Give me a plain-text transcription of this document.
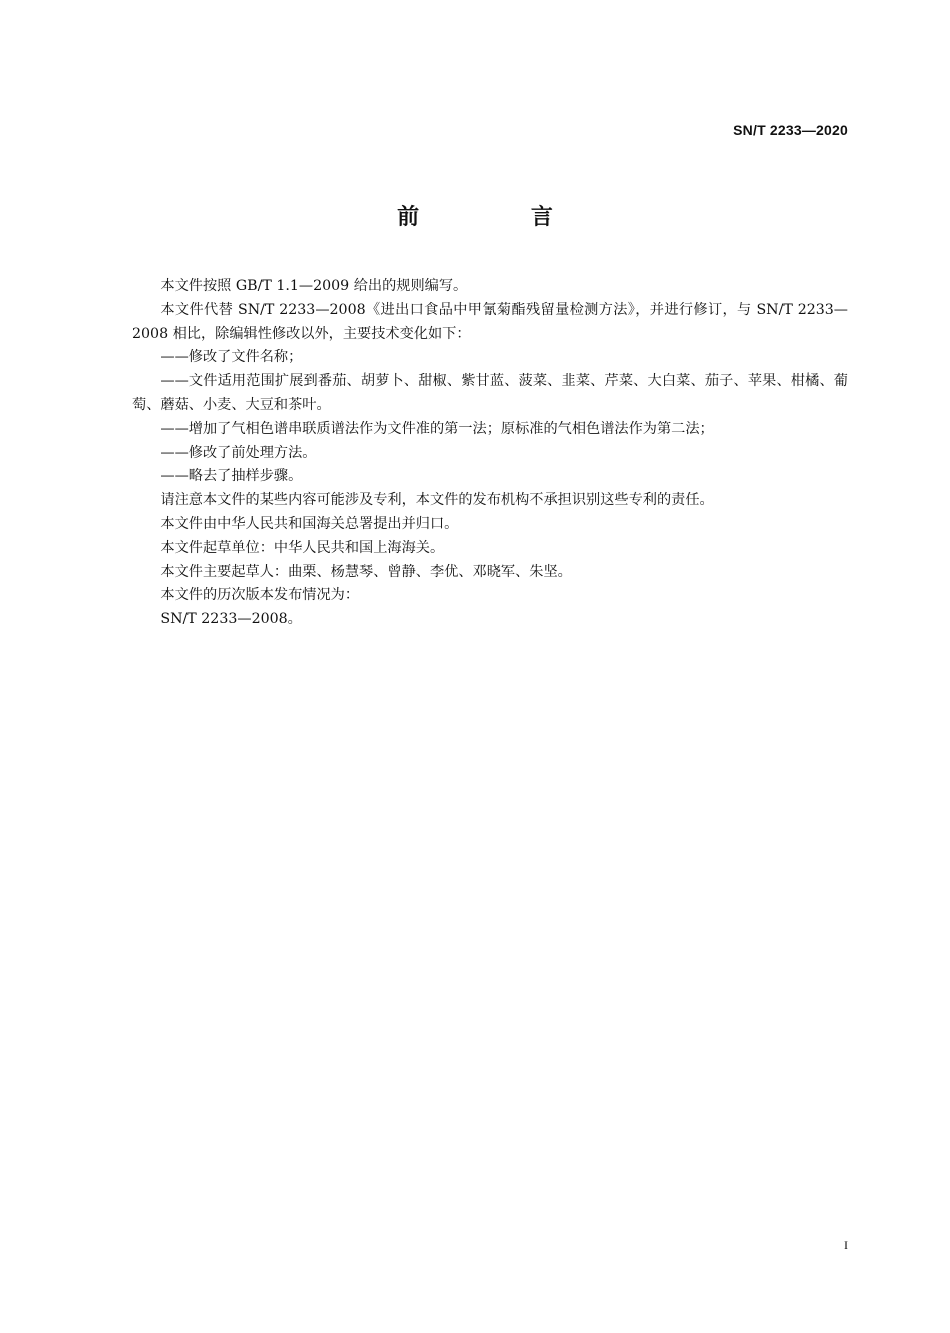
SN/T 2233—2020
前 言

本文件按照 GB/T 1.1—2009 给出的规则编写。

本文件代替 SN/T 2233—2008《进出口食品中甲氰菊酯残留量检测方法》，并进行修订，与 SN/T 2233—2008 相比，除编辑性修改以外，主要技术变化如下：

——修改了文件名称；

——文件适用范围扩展到番茄、胡萝卜、甜椒、紫甘蓝、菠菜、韭菜、芹菜、大白菜、茄子、苹果、柑橘、葡萄、蘑菇、小麦、大豆和茶叶。

——增加了气相色谱串联质谱法作为文件准的第一法；原标准的气相色谱法作为第二法；

——修改了前处理方法。

——略去了抽样步骤。

请注意本文件的某些内容可能涉及专利，本文件的发布机构不承担识别这些专利的责任。

本文件由中华人民共和国海关总署提出并归口。

本文件起草单位：中华人民共和国上海海关。

本文件主要起草人：曲栗、杨慧琴、曾静、李优、邓晓军、朱坚。

本文件的历次版本发布情况为：

SN/T 2233—2008。

I
